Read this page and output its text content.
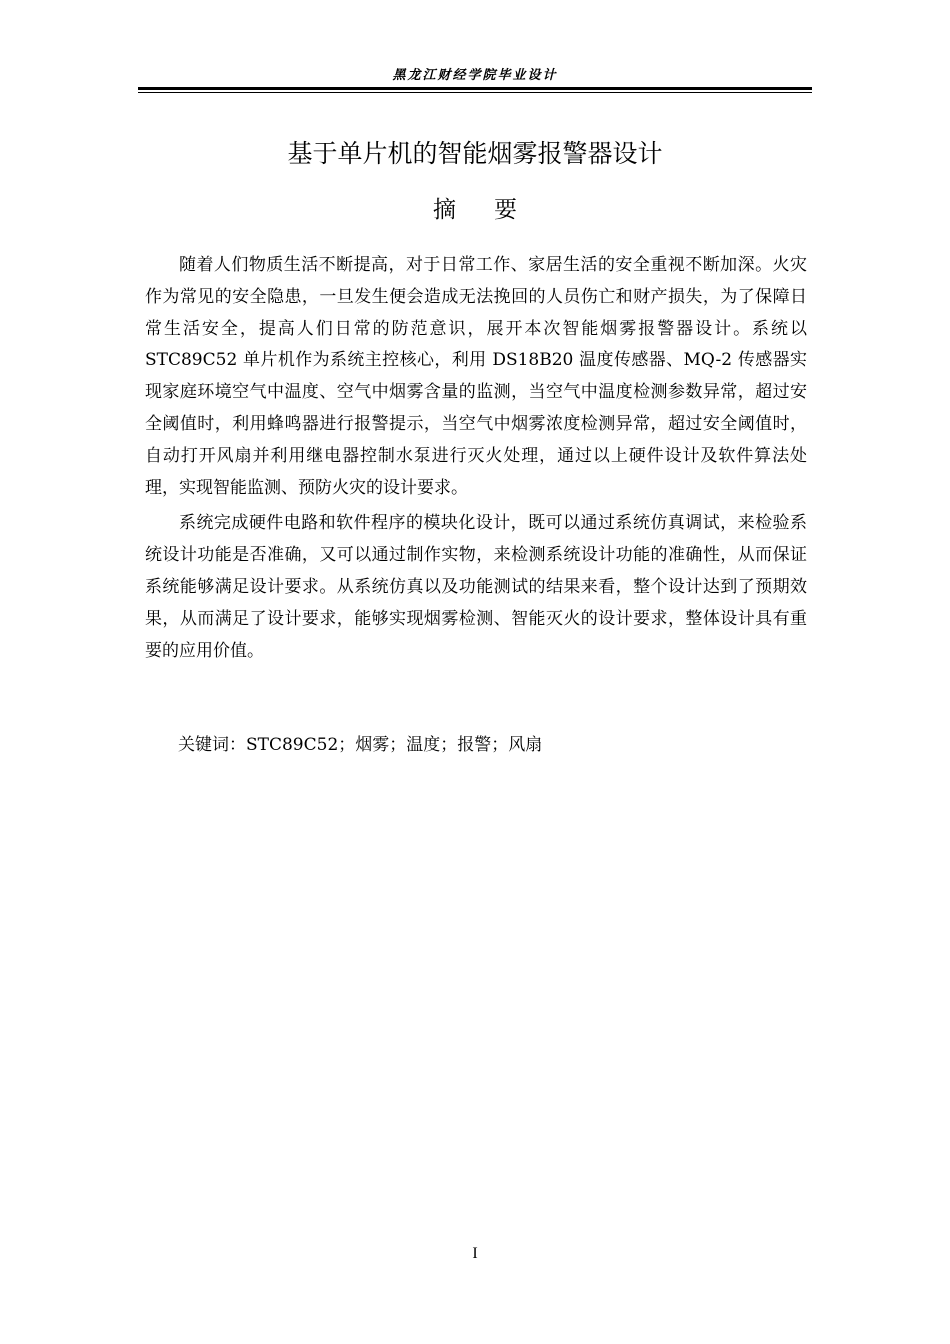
黑龙江财经学院毕业设计
基于单片机的智能烟雾报警器设计
摘要

随着人们物质生活不断提高，对于日常工作、家居生活的安全重视不断加深。火灾作为常见的安全隐患，一旦发生便会造成无法挽回的人员伤亡和财产损失，为了保障日常生活安全，提高人们日常的防范意识，展开本次智能烟雾报警器设计。系统以 STC89C52 单片机作为系统主控核心，利用 DS18B20 温度传感器、MQ-2 传感器实现家庭环境空气中温度、空气中烟雾含量的监测，当空气中温度检测参数异常，超过安全阈值时，利用蜂鸣器进行报警提示，当空气中烟雾浓度检测异常，超过安全阈值时，自动打开风扇并利用继电器控制水泵进行灭火处理，通过以上硬件设计及软件算法处理，实现智能监测、预防火灾的设计要求。

系统完成硬件电路和软件程序的模块化设计，既可以通过系统仿真调试，来检验系统设计功能是否准确，又可以通过制作实物，来检测系统设计功能的准确性，从而保证系统能够满足设计要求。从系统仿真以及功能测试的结果来看，整个设计达到了预期效果，从而满足了设计要求，能够实现烟雾检测、智能灭火的设计要求，整体设计具有重要的应用价值。

关键词：STC89C52；烟雾；温度；报警；风扇
I
